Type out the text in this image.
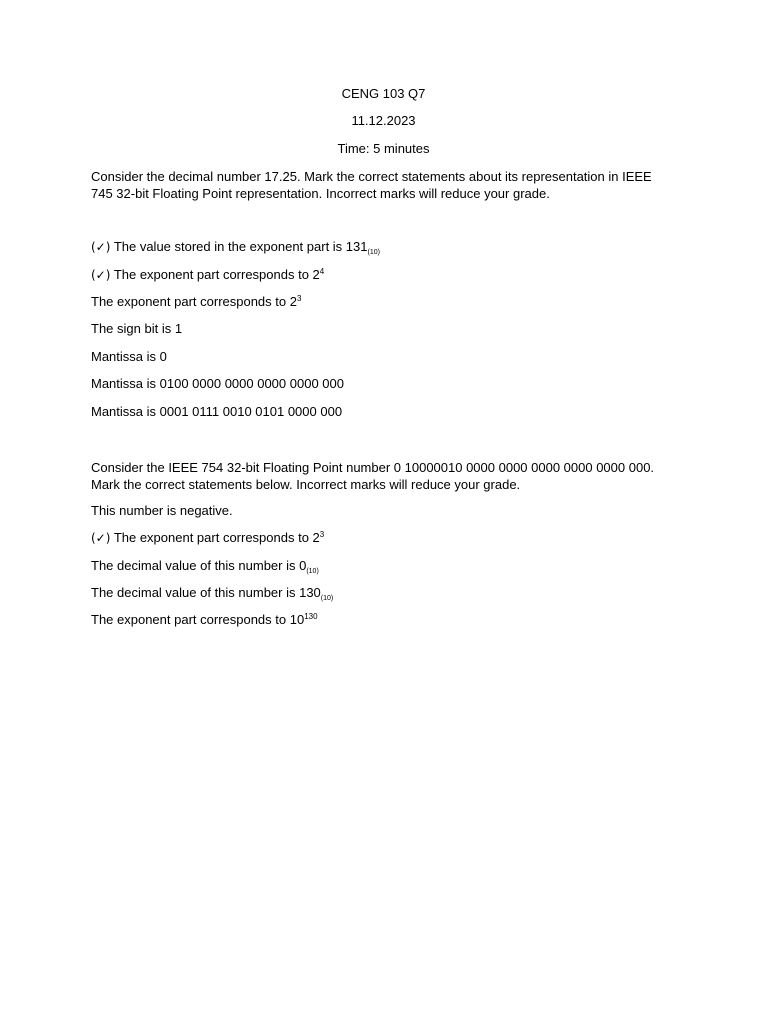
CENG 103 Q7
11.12.2023
Time: 5 minutes

Consider the decimal number 17.25. Mark the correct statements about its representation in IEEE 745 32-bit Floating Point representation. Incorrect marks will reduce your grade.

(✓) The value stored in the exponent part is $131_{(10)}$
(✓) The exponent part corresponds to $2^4$
The exponent part corresponds to $2^3$
The sign bit is 1
Mantissa is 0
Mantissa is 0100 0000 0000 0000 0000 000
Mantissa is 0001 0111 0010 0101 0000 000

Consider the IEEE 754 32-bit Floating Point number 0 10000010 0000 0000 0000 0000 0000 000. Mark the correct statements below. Incorrect marks will reduce your grade.

This number is negative.
(✓) The exponent part corresponds to $2^3$
The decimal value of this number is $0_{(10)}$
The decimal value of this number is $130_{(10)}$
The exponent part corresponds to $10^{130}$
